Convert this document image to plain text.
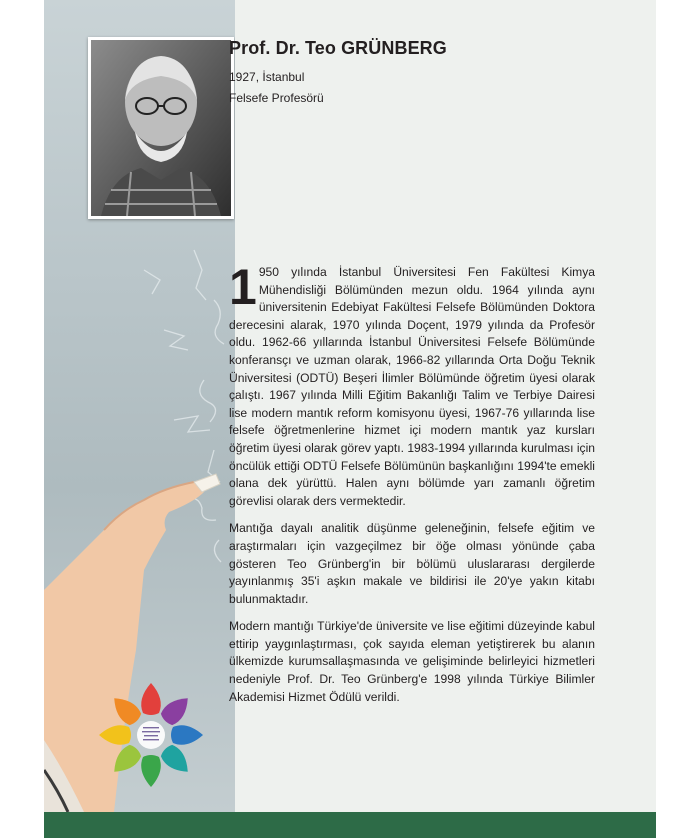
Prof. Dr. Teo GRÜNBERG
1927, İstanbul
Felsefe Profesörü

1 950 yılında İstanbul Üniversitesi Fen Fakültesi Kimya Mühendisliği Bölümünden mezun oldu. 1964 yılında aynı üniversitenin Edebiyat Fakültesi Felsefe Bölümünden Doktora derecesini alarak, 1970 yılında Doçent, 1979 yılında da Profesör oldu. 1962-66 yıllarında İstanbul Üniversitesi Felsefe Bölümünde konferansçı ve uzman olarak, 1966-82 yıllarında Orta Doğu Teknik Üniversitesi (ODTÜ) Beşeri İlimler Bölümünde öğretim üyesi olarak çalıştı. 1967 yılında Milli Eğitim Bakanlığı Talim ve Terbiye Dairesi lise modern mantık reform komisyonu üyesi, 1967-76 yıllarında lise felsefe öğretmenlerine hizmet içi modern mantık yaz kursları öğretim üyesi olarak görev yaptı. 1983-1994 yıllarında kurulması için öncülük ettiği ODTÜ Felsefe Bölümünün başkanlığını 1994'te emekli olana dek yürüttü. Halen aynı bölümde yarı zamanlı öğretim görevlisi olarak ders vermektedir.

Mantığa dayalı analitik düşünme geleneğinin, felsefe eğitim ve araştırmaları için vazgeçilmez bir öğe olması yönünde çaba gösteren Teo Grünberg'in bir bölümü uluslararası dergilerde yayınlanmış 35'i aşkın makale ve bildirisi ile 20'ye yakın kitabı bulunmaktadır.

Modern mantığı Türkiye'de üniversite ve lise eğitimi düzeyinde kabul ettirip yaygınlaştırması, çok sayıda eleman yetiştirerek bu alanın ülkemizde kurumsallaşmasında ve gelişiminde belirleyici hizmetleri nedeniyle Prof. Dr. Teo Grünberg'e 1998 yılında Türkiye Bilimler Akademisi Hizmet Ödülü verildi.
